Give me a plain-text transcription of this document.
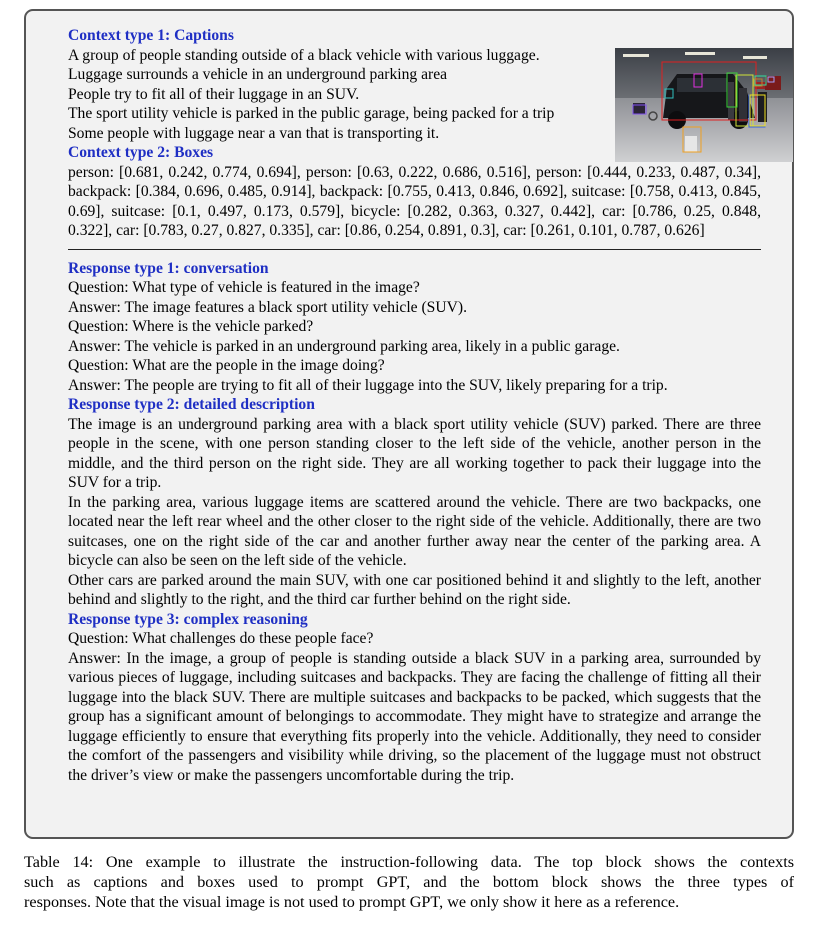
Context type 1: Captions
A group of people standing outside of a black vehicle with various luggage.
Luggage surrounds a vehicle in an underground parking area
People try to fit all of their luggage in an SUV.
The sport utility vehicle is parked in the public garage, being packed for a trip
Some people with luggage near a van that is transporting it.
Context type 2: Boxes
person: [0.681, 0.242, 0.774, 0.694], person: [0.63, 0.222, 0.686, 0.516], person: [0.444, 0.233, 0.487, 0.34], backpack: [0.384, 0.696, 0.485, 0.914], backpack: [0.755, 0.413, 0.846, 0.692], suitcase: [0.758, 0.413, 0.845, 0.69], suitcase: [0.1, 0.497, 0.173, 0.579], bicycle: [0.282, 0.363, 0.327, 0.442], car: [0.786, 0.25, 0.848, 0.322], car: [0.783, 0.27, 0.827, 0.335], car: [0.86, 0.254, 0.891, 0.3], car: [0.261, 0.101, 0.787, 0.626]
Response type 1: conversation
Question: What type of vehicle is featured in the image?
Answer: The image features a black sport utility vehicle (SUV).
Question: Where is the vehicle parked?
Answer: The vehicle is parked in an underground parking area, likely in a public garage.
Question: What are the people in the image doing?
Answer: The people are trying to fit all of their luggage into the SUV, likely preparing for a trip.
Response type 2: detailed description
The image is an underground parking area with a black sport utility vehicle (SUV) parked. There are three people in the scene, with one person standing closer to the left side of the vehicle, another person in the middle, and the third person on the right side. They are all working together to pack their luggage into the SUV for a trip.
In the parking area, various luggage items are scattered around the vehicle. There are two backpacks, one located near the left rear wheel and the other closer to the right side of the vehicle. Additionally, there are two suitcases, one on the right side of the car and another further away near the center of the parking area. A bicycle can also be seen on the left side of the vehicle.
Other cars are parked around the main SUV, with one car positioned behind it and slightly to the left, another behind and slightly to the right, and the third car further behind on the right side.
Response type 3: complex reasoning
Question: What challenges do these people face?
Answer: In the image, a group of people is standing outside a black SUV in a parking area, surrounded by various pieces of luggage, including suitcases and backpacks. They are facing the challenge of fitting all their luggage into the black SUV. There are multiple suitcases and backpacks to be packed, which suggests that the group has a significant amount of belongings to accommodate. They might have to strategize and arrange the luggage efficiently to ensure that everything fits properly into the vehicle. Additionally, they need to consider the comfort of the passengers and visibility while driving, so the placement of the luggage must not obstruct the driver’s view or make the passengers uncomfortable during the trip.
Table 14: One example to illustrate the instruction-following data. The top block shows the contexts such as captions and boxes used to prompt GPT, and the bottom block shows the three types of responses. Note that the visual image is not used to prompt GPT, we only show it here as a reference.
